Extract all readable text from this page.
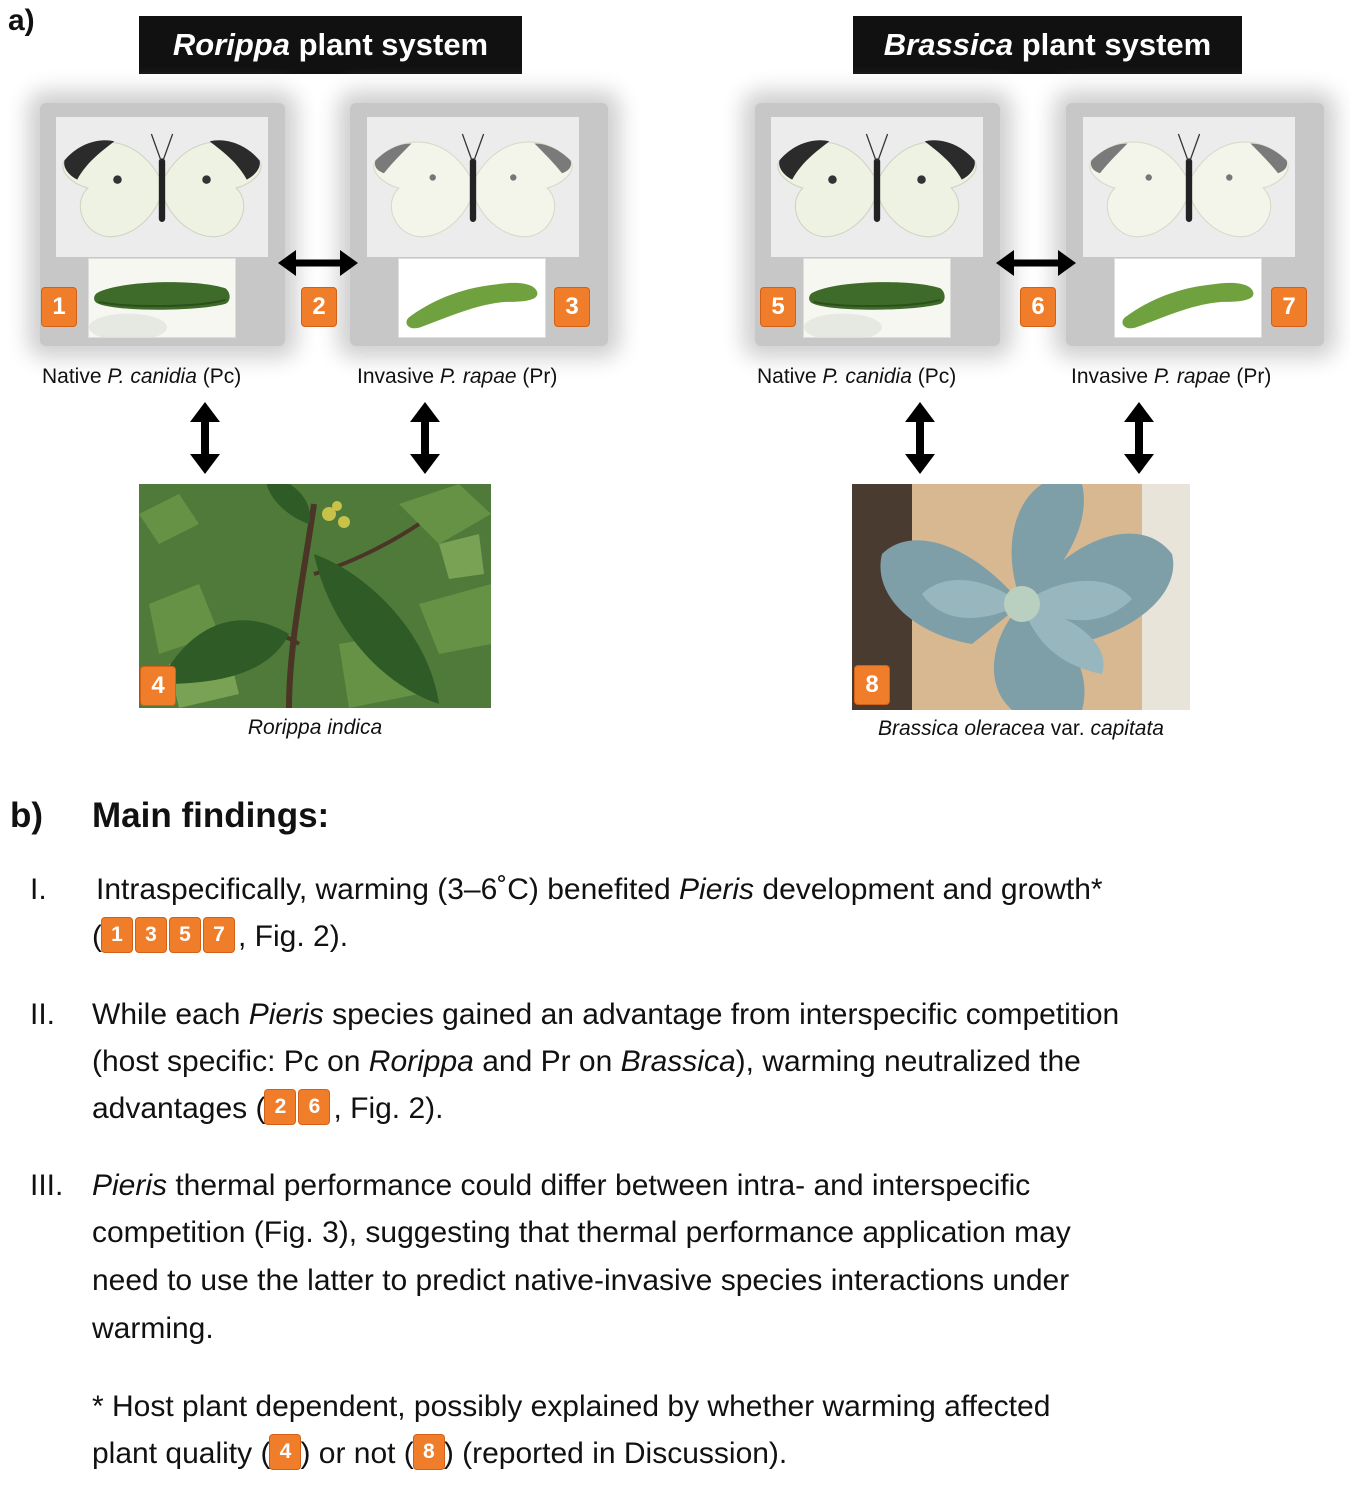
a)
Rorippa plant system	Brassica plant system
1	3
2
Native P. canidia (Pc)	Invasive P. rapae (Pr)
4
Rorippa indica
5	7
6
Native P. canidia (Pc)	Invasive P. rapae (Pr)
8
Brassica oleracea var. capitata
b) Main findings:
I. Intraspecifically, warming (3–6˚C) benefited Pieris development and growth*
( 1 3 5 7 , Fig. 2).
II. While each Pieris species gained an advantage from interspecific competition
(host specific: Pc on Rorippa and Pr on Brassica), warming neutralized the
advantages ( 2 6 , Fig. 2).
III. Pieris thermal performance could differ between intra- and interspecific
competition (Fig. 3), suggesting that thermal performance application may
need to use the latter to predict native-invasive species interactions under
warming.
* Host plant dependent, possibly explained by whether warming affected
plant quality ( 4 ) or not ( 8 ) (reported in Discussion).
